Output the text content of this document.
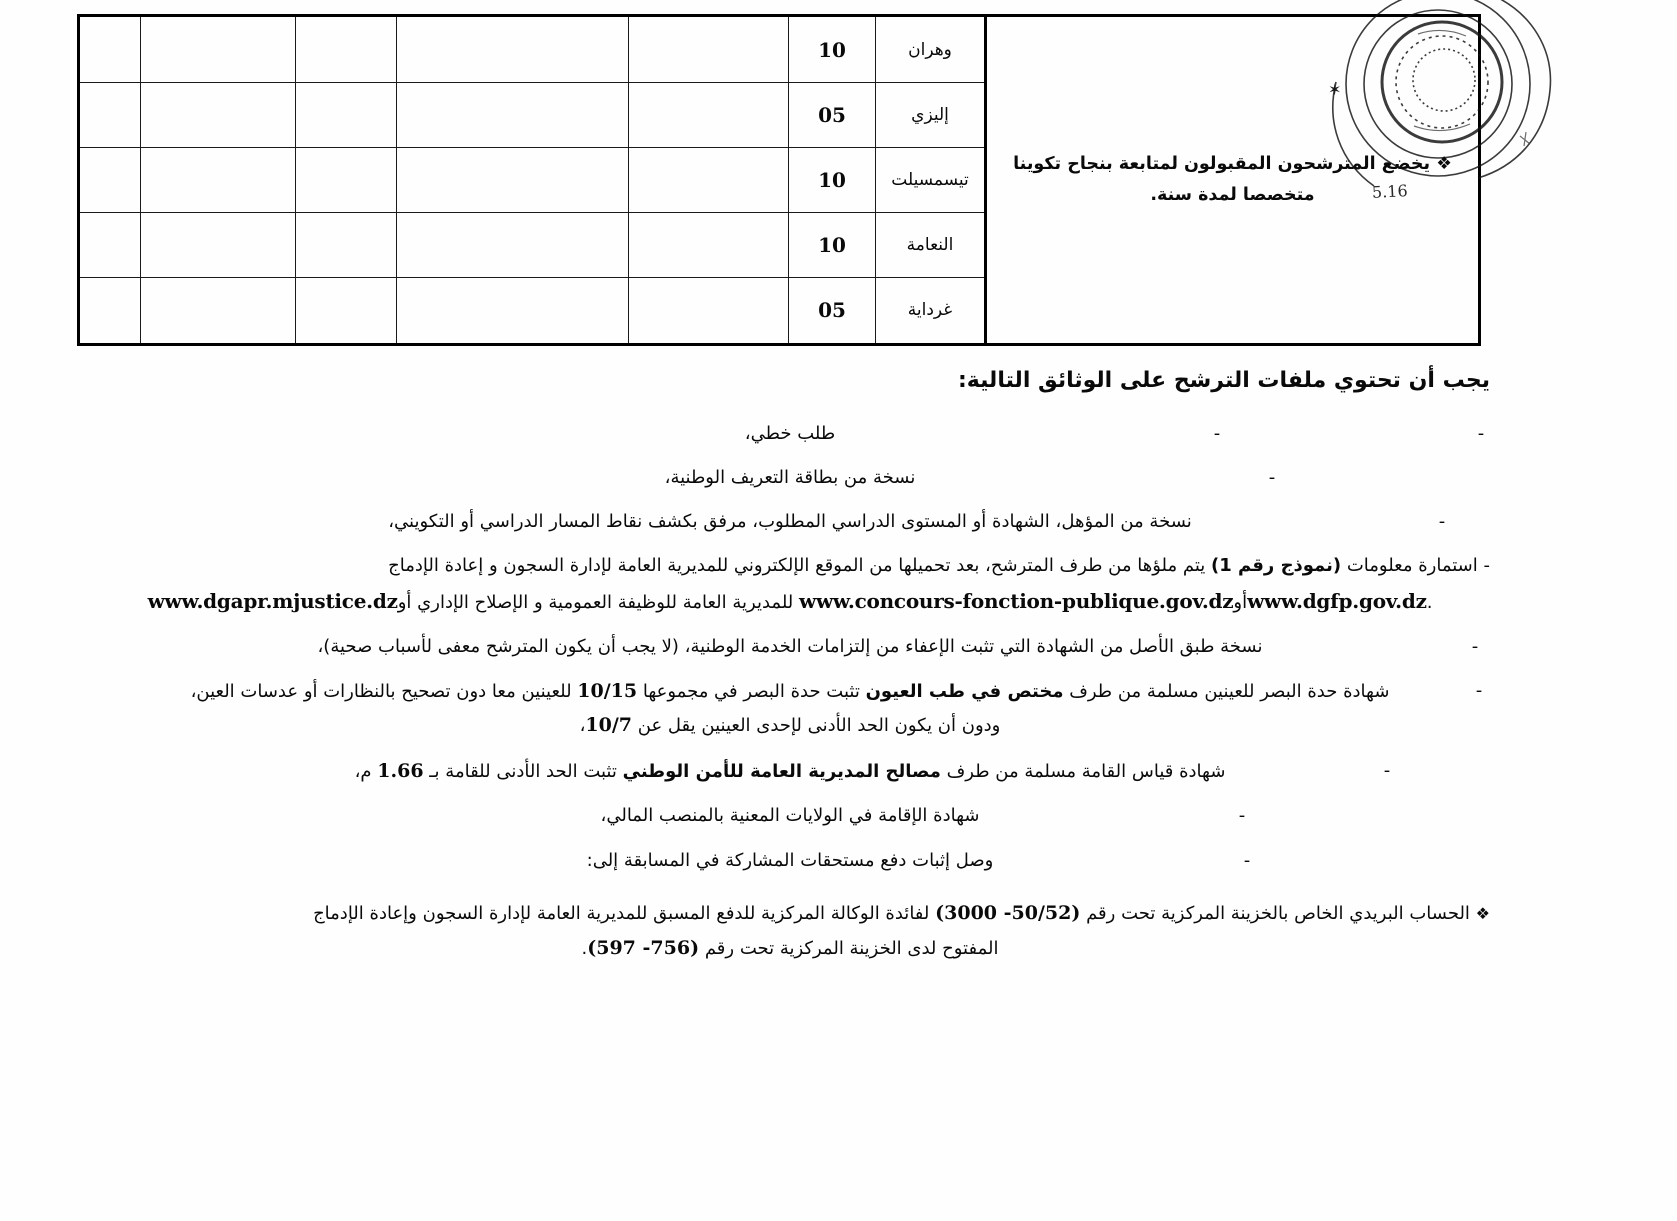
❖ يخضع المترشحون المقبولون لمتابعة بنجاح تكوينا متخصصا لمدة سنة.	وهران	10					
	إليزي	05					
	تيسمسيلت	10					
	النعامة	10					
	غرداية	05					
5.16
✶
يجب أن تحتوي ملفات الترشح على الوثائق التالية:
- طلب خطي،	-
-
نسخة من بطاقة التعريف الوطنية،
-
نسخة من المؤهل، الشهادة أو المستوى الدراسي المطلوب، مرفق بكشف نقاط المسار الدراسي أو التكويني،
- استمارة معلومات (نموذج رقم 1) يتم ملؤها من طرف المترشح، بعد تحميلها من الموقع الإلكتروني للمديرية العامة لإدارة السجون و إعادة الإدماج
.www.dgfp.gov.dzأوwww.concours-fonction-publique.gov.dz للمديرية العامة للوظيفة العمومية و الإصلاح الإداري أوwww.dgapr.mjustice.dz
-
نسخة طبق الأصل من الشهادة التي تثبت الإعفاء من إلتزامات الخدمة الوطنية، (لا يجب أن يكون المترشح معفى لأسباب صحية)،
-
شهادة حدة البصر للعينين مسلمة من طرف مختص في طب العيون تثبت حدة البصر في مجموعها 10/15 للعينين معا دون تصحيح بالنظارات أو عدسات العين،
ودون أن يكون الحد الأدنى لإحدى العينين يقل عن 10/7،
-
شهادة قياس القامة مسلمة من طرف مصالح المديرية العامة للأمن الوطني تثبت الحد الأدنى للقامة بـ 1.66 م،
-
شهادة الإقامة في الولايات المعنية بالمنصب المالي،
-
وصل إثبات دفع مستحقات المشاركة في المسابقة إلى:
❖ الحساب البريدي الخاص بالخزينة المركزية تحت رقم (50/52- 3000) لفائدة الوكالة المركزية للدفع المسبق للمديرية العامة لإدارة السجون وإعادة الإدماج
المفتوح لدى الخزينة المركزية تحت رقم (756- 597).
